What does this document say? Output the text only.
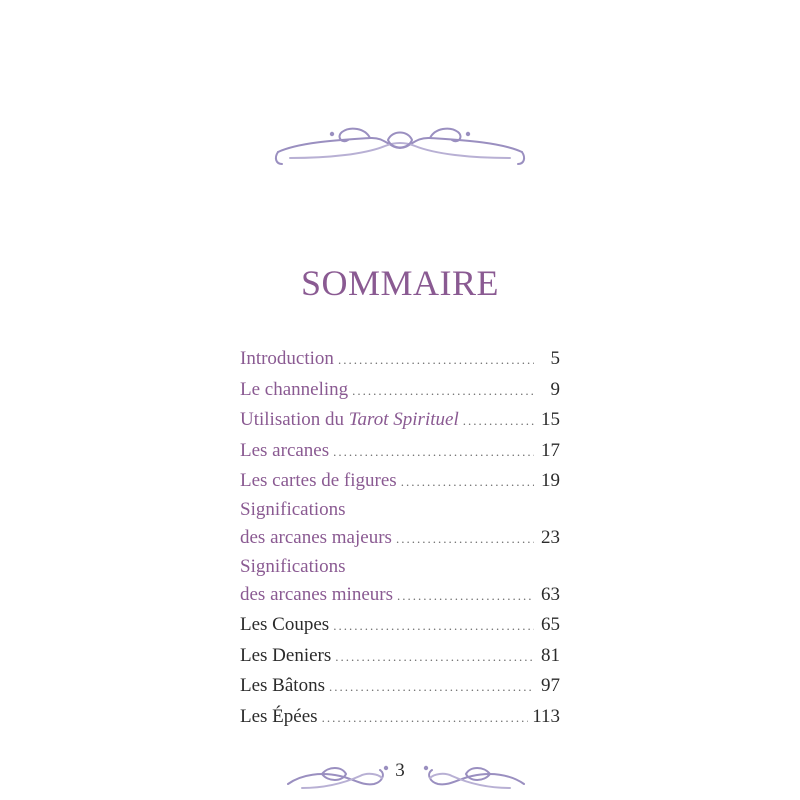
SOMMAIRE
Introduction .....	5
Le channeling .....	9
Utilisation du Tarot Spirituel .....	15
Les arcanes .....	17
Les cartes de figures .....	19
Significations
des arcanes majeurs .....	23
Significations
des arcanes mineurs .....	63
Les Coupes .....	65
Les Deniers .....	81
Les Bâtons .....	97
Les Épées .....	113
3
